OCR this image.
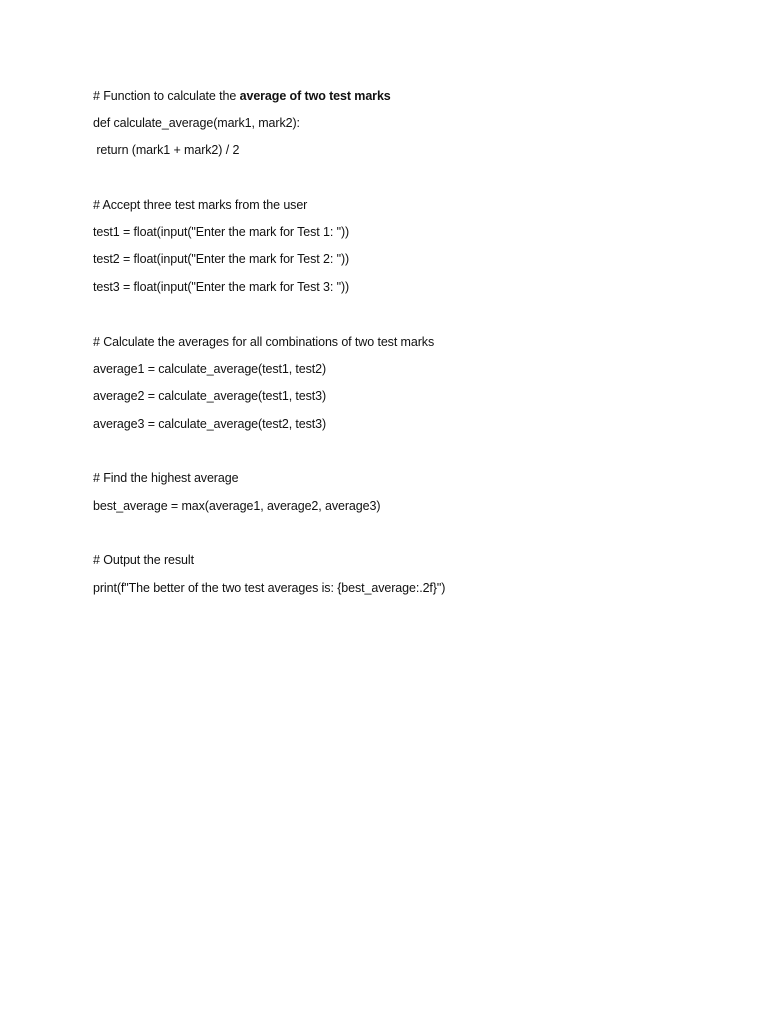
# Function to calculate the average of two test marks
def calculate_average(mark1, mark2):
return (mark1 + mark2) / 2
# Accept three test marks from the user
test1 = float(input("Enter the mark for Test 1: "))
test2 = float(input("Enter the mark for Test 2: "))
test3 = float(input("Enter the mark for Test 3: "))
# Calculate the averages for all combinations of two test marks
average1 = calculate_average(test1, test2)
average2 = calculate_average(test1, test3)
average3 = calculate_average(test2, test3)
# Find the highest average
best_average = max(average1, average2, average3)
# Output the result
print(f"The better of the two test averages is: {best_average:.2f}")
